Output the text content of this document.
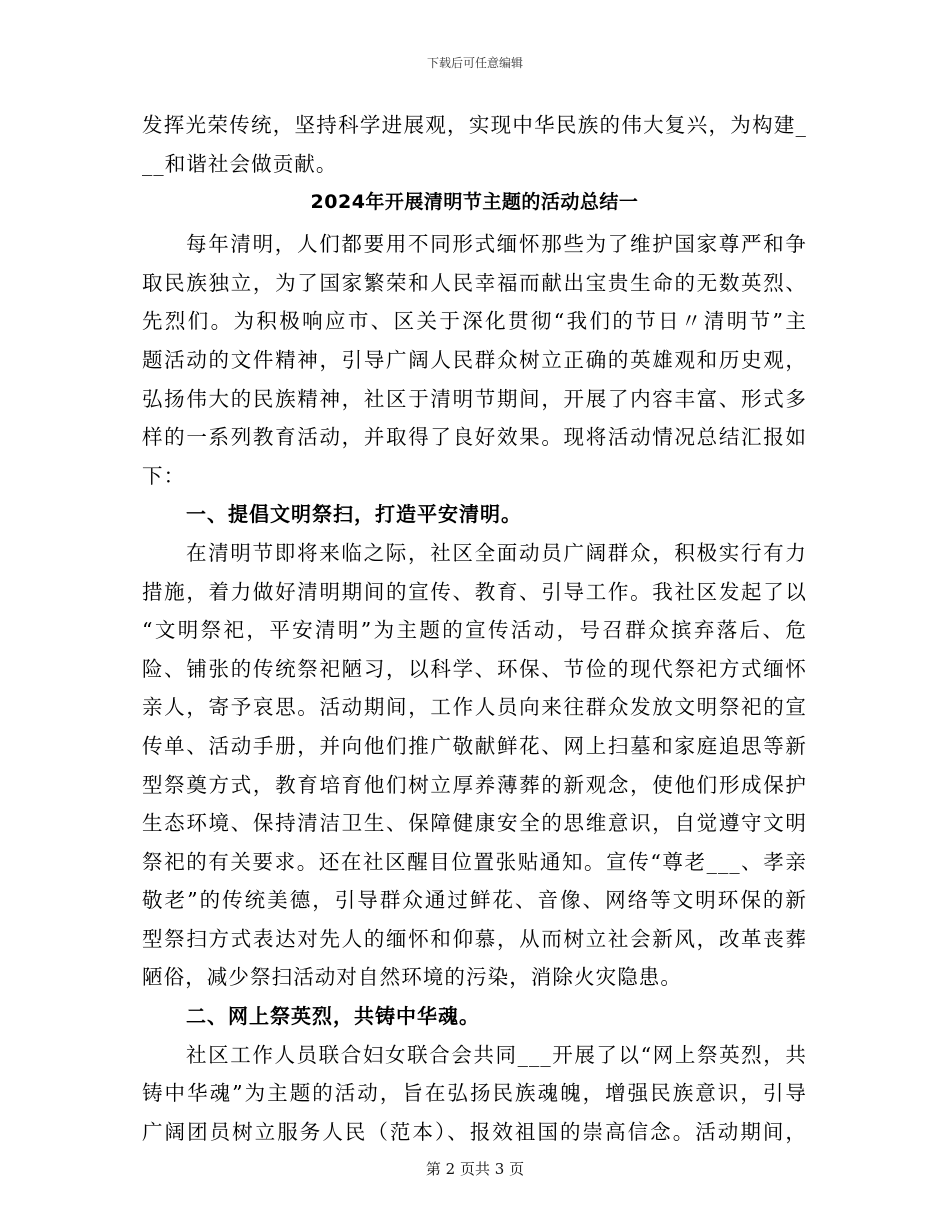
下载后可任意编辑
发挥光荣传统，坚持科学进展观，实现中华民族的伟大复兴，为构建_
__和谐社会做贡献。
2024年开展清明节主题的活动总结一
每年清明，人们都要用不同形式缅怀那些为了维护国家尊严和争
取民族独立，为了国家繁荣和人民幸福而献出宝贵生命的无数英烈、
先烈们。为积极响应市、区关于深化贯彻“我们的节日〃清明节”主
题活动的文件精神，引导广阔人民群众树立正确的英雄观和历史观，
弘扬伟大的民族精神，社区于清明节期间，开展了内容丰富、形式多
样的一系列教育活动，并取得了良好效果。现将活动情况总结汇报如
下：
一、提倡文明祭扫，打造平安清明。
在清明节即将来临之际，社区全面动员广阔群众，积极实行有力
措施，着力做好清明期间的宣传、教育、引导工作。我社区发起了以
“文明祭祀，平安清明”为主题的宣传活动，号召群众摈弃落后、危
险、铺张的传统祭祀陋习，以科学、环保、节俭的现代祭祀方式缅怀
亲人，寄予哀思。活动期间，工作人员向来往群众发放文明祭祀的宣
传单、活动手册，并向他们推广敬献鲜花、网上扫墓和家庭追思等新
型祭奠方式，教育培育他们树立厚养薄葬的新观念，使他们形成保护
生态环境、保持清洁卫生、保障健康安全的思维意识，自觉遵守文明
祭祀的有关要求。还在社区醒目位置张贴通知。宣传“尊老___、孝亲
敬老”的传统美德，引导群众通过鲜花、音像、网络等文明环保的新
型祭扫方式表达对先人的缅怀和仰慕，从而树立社会新风，改革丧葬
陋俗，减少祭扫活动对自然环境的污染，消除火灾隐患。
二、网上祭英烈，共铸中华魂。
社区工作人员联合妇女联合会共同___开展了以“网上祭英烈，共
铸中华魂”为主题的活动，旨在弘扬民族魂魄，增强民族意识，引导
广阔团员树立服务人民（范本）、报效祖国的崇高信念。活动期间，
第 2 页共 3 页
